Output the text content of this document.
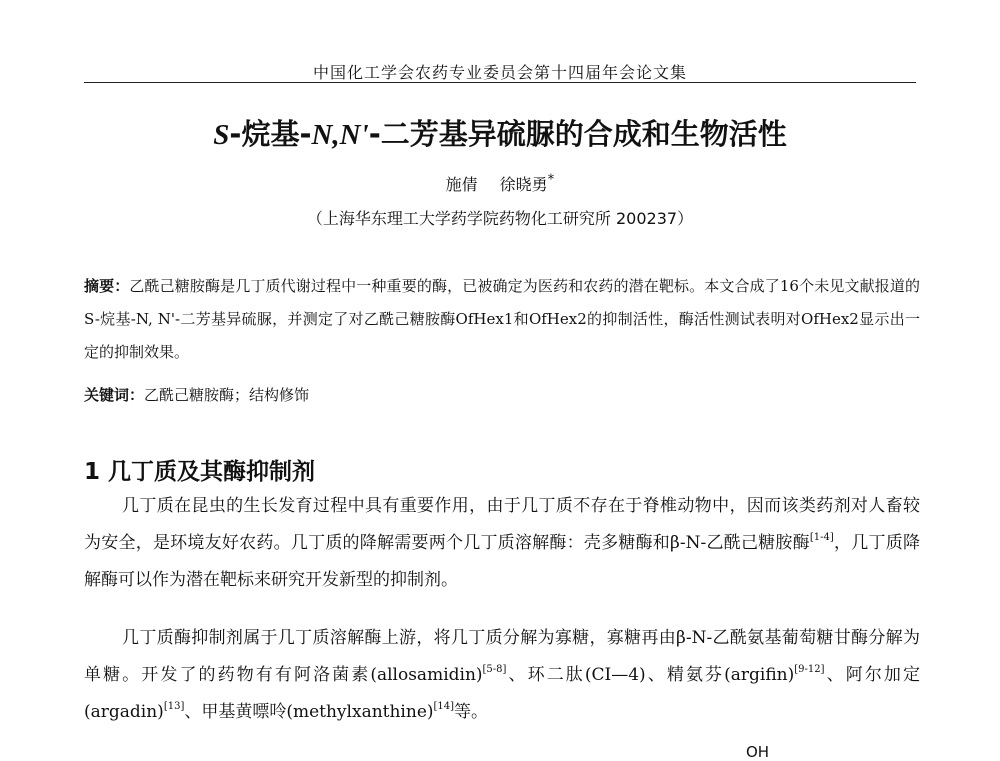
中国化工学会农药专业委员会第十四届年会论文集
S-烷基-N,N'-二芳基异硫脲的合成和生物活性
施倩 徐晓勇*
（上海华东理工大学药学院药物化工研究所 200237）
摘要：乙酰己糖胺酶是几丁质代谢过程中一种重要的酶，已被确定为医药和农药的潜在靶标。本文合成了16个未见文献报道的S-烷基-N, N'-二芳基异硫脲，并测定了对乙酰己糖胺酶OfHex1和OfHex2的抑制活性，酶活性测试表明对OfHex2显示出一定的抑制效果。
关键词：乙酰己糖胺酶；结构修饰
1 几丁质及其酶抑制剂
几丁质在昆虫的生长发育过程中具有重要作用，由于几丁质不存在于脊椎动物中，因而该类药剂对人畜较为安全，是环境友好农药。几丁质的降解需要两个几丁质溶解酶：壳多糖酶和β-N-乙酰己糖胺酶[1-4]，几丁质降解酶可以作为潜在靶标来研究开发新型的抑制剂。
几丁质酶抑制剂属于几丁质溶解酶上游，将几丁质分解为寡糖，寡糖再由β-N-乙酰氨基葡萄糖甘酶分解为单糖。开发了的药物有有阿洛菌素(allosamidin)[5-8]、环二肽(CI—4)、精氨芬(argifin)[9-12]、阿尔加定(argadin)[13]、甲基黄嘌呤(methylxanthine)[14]等。
OH
